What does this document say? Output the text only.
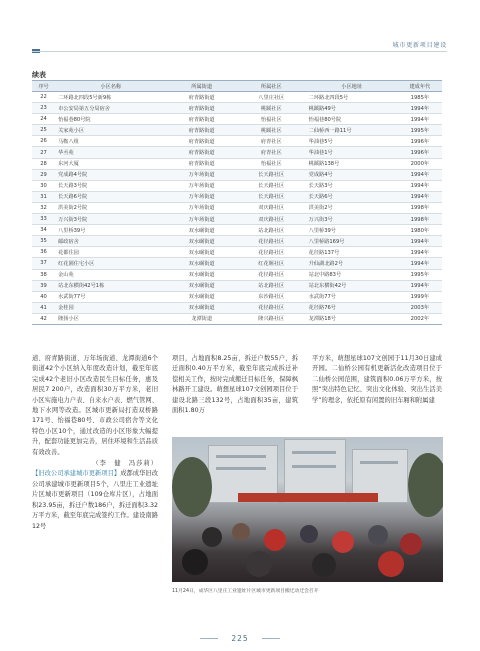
城市更新项目建设
续表
序号	小区名称	所属街道	所属社区	小区地址	建成年代
22	二环路北四段5号新9栋	府青路街道	八里庄社区	二环路北四段5号	1985年
23	市公安局第五分局宿舍	府青路街道	桃蹊社区	桃蹊路49号	1994年
24	怡福巷80号院	府青路街道	怡福社区	怡福巷80号院	1994年
25	关家苑小区	府青路街道	桃蹊社区	二仙桥西一路11号	1995年
26	马鞍八组	府青路街道	府青社区	华油巷5号	1996年
27	华丞苑	府青路街道	府青社区	华油巷1号	1996年
28	东河大厦	府青路街道	怡福社区	桃蹊路138号	2000年
29	党成路4号院	万年场街道	长天路社区	党成路4号	1994年
30	长天路3号院	万年场街道	长天路社区	长天路3号	1994年
31	长天路6号院	万年场街道	长天路社区	长天路6号	1994年
32	洪美街2号院	万年场街道	双庆路社区	洪美街2号	1998年
33	万兴街3号院	万年场街道	双庆路社区	万兴街3号	1998年
34	八里桥39号	双水碾街道	站北路社区	八里桥39号	1980年
35	邮政宿舍	双水碾街道	花径路社区	八里桥路169号	1994年
36	花都住园	双水碾街道	花径路社区	花径路137号	1994年
37	红花園住宅小区	双水碾街道	红花堰社区	升仙湖北路2号	1994年
38	金山苑	双水碾街道	花径路社区	站北中路83号	1995年
39	站北东横街42号1栋	双水碾街道	站北路社区	站北东横街42号	1994年
40	水武街77号	双水碾街道	东沙路社区	水武街77号	1999年
41	金桂园	双水碾街道	花径路社区	花径路76号	2003年
42	隆扬小区	龙潭街道	隆兴路社区	龙潭路18号	2002年
道、府青路街道、万年场街道、龙潭街道6个街道42个小区纳入年度改造计划，截至年底完成42个老旧小区改造民生目标任务，惠及居民7 200户，改造面积30万平方米，老旧小区实施电力户表、自来水户表、燃气管网、地下水网等改造。区城市更新局打造双桥路171号、怡福巷80号、市政公司宿舍等文化特色小区10个，通过改造的小区形象大幅提升，配套功能更加完善，居住环境和生活品质有效改善。
（李　健　冯莎莉）
【旧改公司承建城市更新项目】成都成华旧改公司承建城市更新项目5个，八里庄工业遗址片区城市更新项目（109仓库片区），占地面积23.95亩，拆迁户数186户，拆迁面积3.32万平方米，截至年底完成签约工作。建设南路12号
项目，占地面积8.25亩，拆迁户数55户，拆迁面积0.40万平方米，截至年底完成拆迁补偿相关工作，按时完成搬迁目标任务，保障枫林路开工建设。萌想星球107文创园项目位于建设北路三段132号，占地面积35亩，建筑面积1.80万
平方米，萌想星球107文创园于11月30日建成开园。二仙桥公园有机更新活化改造项目位于二仙桥公园范围，建筑面积0.06万平方米，按照“突出特色记忆、突出文化体验、突出生活美学”的理念，依托原有闲置的旧车厢和附属建
11月24日，成华区八里庄工业遗址片区城市更新项目搬迁动迁会召开
225
